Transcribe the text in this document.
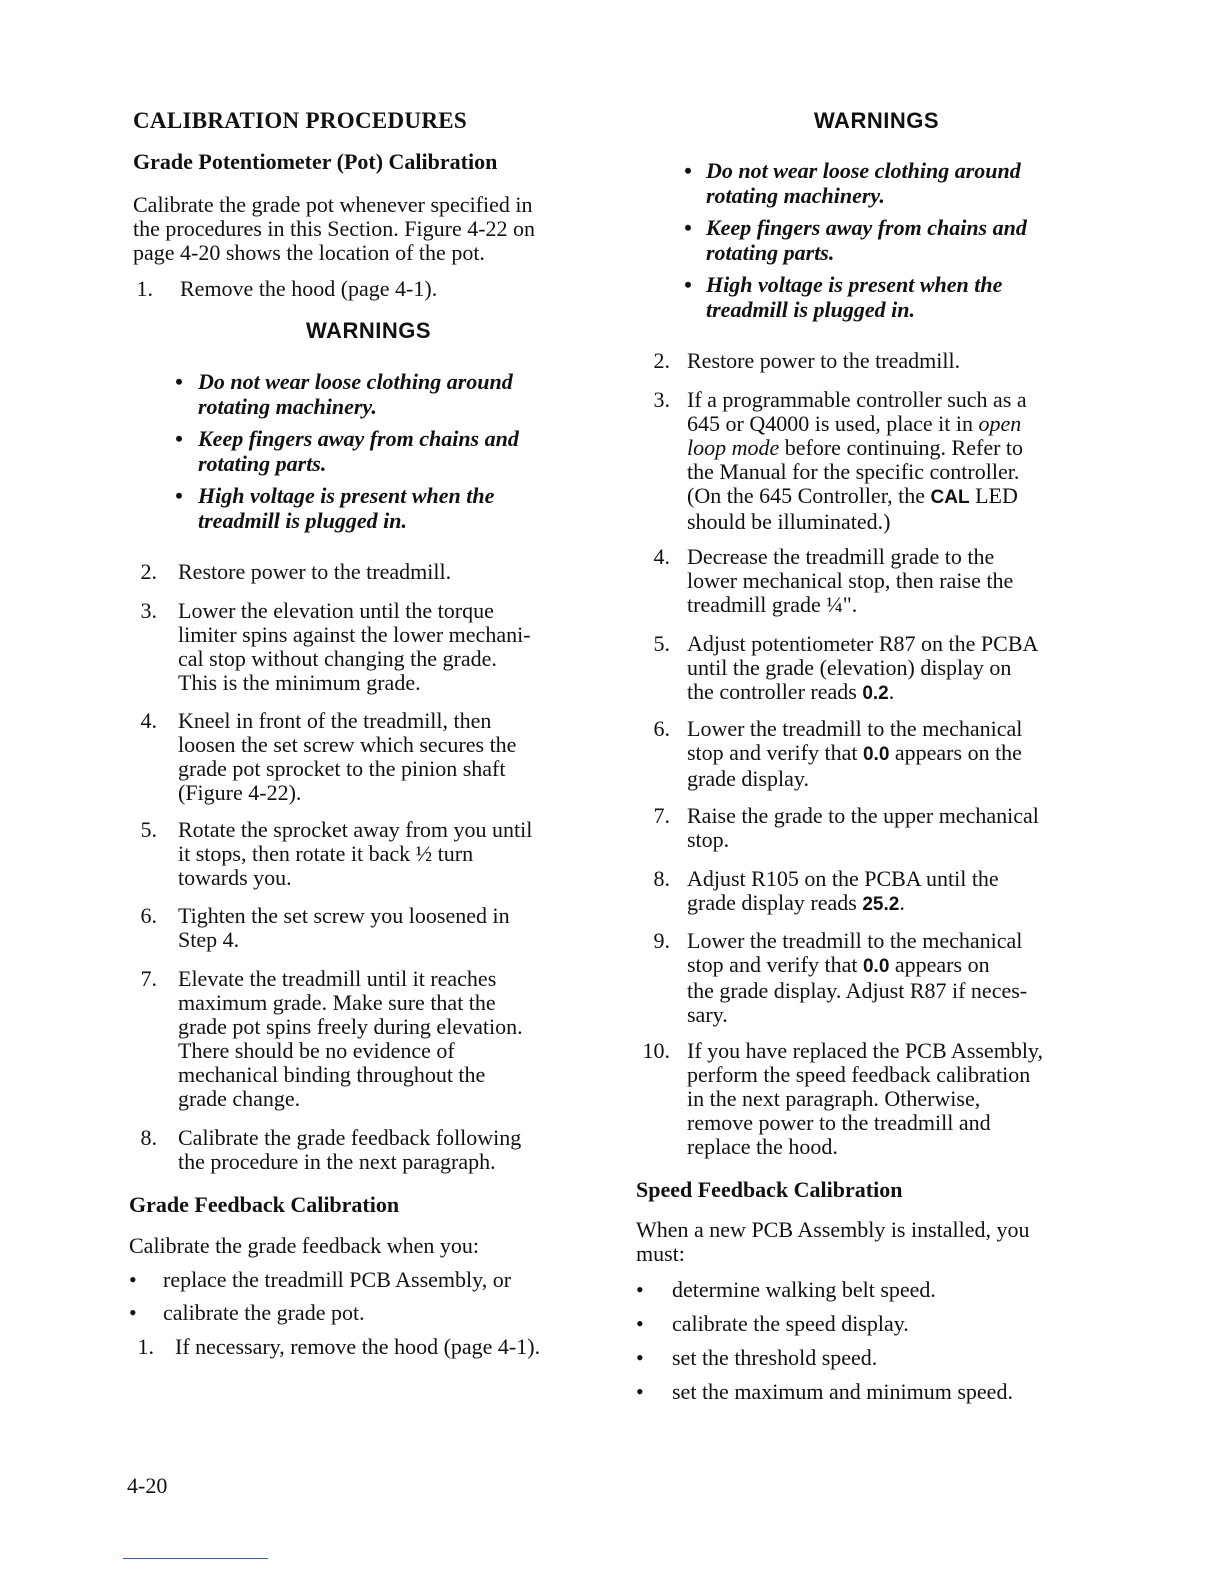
CALIBRATION PROCEDURES
Grade Potentiometer (Pot) Calibration
Calibrate the grade pot whenever specified in
the procedures in this Section. Figure 4-22 on
page 4-20 shows the location of the pot.
1. Remove the hood (page 4-1).
WARNINGS
• Do not wear loose clothing around
rotating machinery.
• Keep fingers away from chains and
rotating parts.
• High voltage is present when the
treadmill is plugged in.
2. Restore power to the treadmill.
3. Lower the elevation until the torque
limiter spins against the lower mechani-
cal stop without changing the grade.
This is the minimum grade.
4. Kneel in front of the treadmill, then
loosen the set screw which secures the
grade pot sprocket to the pinion shaft
(Figure 4-22).
5. Rotate the sprocket away from you until
it stops, then rotate it back ½ turn
towards you.
6. Tighten the set screw you loosened in
Step 4.
7. Elevate the treadmill until it reaches
maximum grade. Make sure that the
grade pot spins freely during elevation.
There should be no evidence of
mechanical binding throughout the
grade change.
8. Calibrate the grade feedback following
the procedure in the next paragraph.
Grade Feedback Calibration
Calibrate the grade feedback when you:
• replace the treadmill PCB Assembly, or
• calibrate the grade pot.
1. If necessary, remove the hood (page 4-1).
WARNINGS
• Do not wear loose clothing around
rotating machinery.
• Keep fingers away from chains and
rotating parts.
• High voltage is present when the
treadmill is plugged in.
2. Restore power to the treadmill.
3. If a programmable controller such as a
645 or Q4000 is used, place it in open
loop mode before continuing. Refer to
the Manual for the specific controller.
(On the 645 Controller, the CAL LED
should be illuminated.)
4. Decrease the treadmill grade to the
lower mechanical stop, then raise the
treadmill grade ¼".
5. Adjust potentiometer R87 on the PCBA
until the grade (elevation) display on
the controller reads 0.2.
6. Lower the treadmill to the mechanical
stop and verify that 0.0 appears on the
grade display.
7. Raise the grade to the upper mechanical
stop.
8. Adjust R105 on the PCBA until the
grade display reads 25.2.
9. Lower the treadmill to the mechanical
stop and verify that 0.0 appears on
the grade display. Adjust R87 if neces-
sary.
10. If you have replaced the PCB Assembly,
perform the speed feedback calibration
in the next paragraph. Otherwise,
remove power to the treadmill and
replace the hood.
Speed Feedback Calibration
When a new PCB Assembly is installed, you
must:
• determine walking belt speed.
• calibrate the speed display.
• set the threshold speed.
• set the maximum and minimum speed.
4-20
